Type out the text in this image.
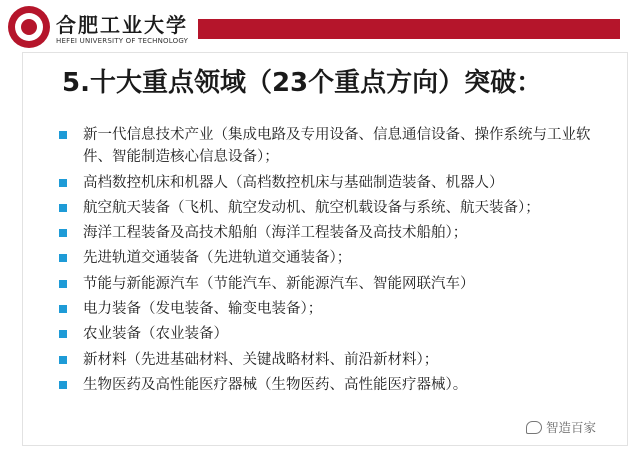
合肥工业大学
HEFEI UNIVERSITY OF TECHNOLOGY
5.十大重点领域（23个重点方向）突破：
新一代信息技术产业（集成电路及专用设备、信息通信设备、操作系统与工业软件、智能制造核心信息设备）；
高档数控机床和机器人（高档数控机床与基础制造装备、机器人）
航空航天装备（飞机、航空发动机、航空机载设备与系统、航天装备）；
海洋工程装备及高技术船舶（海洋工程装备及高技术船舶）；
先进轨道交通装备（先进轨道交通装备）；
节能与新能源汽车（节能汽车、新能源汽车、智能网联汽车）
电力装备（发电装备、输变电装备）；
农业装备（农业装备）
新材料（先进基础材料、关键战略材料、前沿新材料）；
生物医药及高性能医疗器械（生物医药、高性能医疗器械）。
智造百家
